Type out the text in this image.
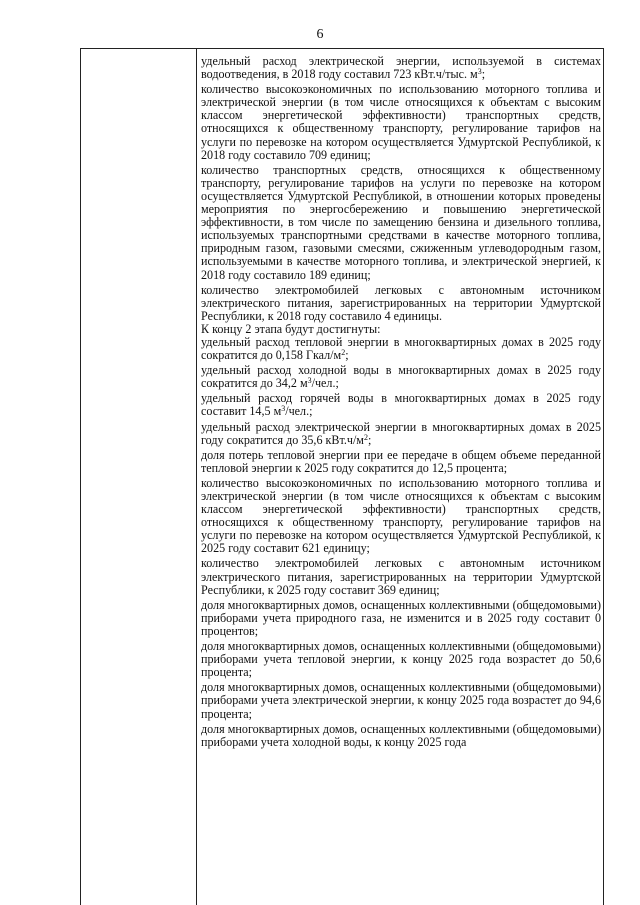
6

удельный расход электрической энергии, используемой в системах водоотведения, в 2018 году составил 723 кВт.ч/тыс. $м^3$;

количество высокоэкономичных по использованию моторного топлива и электрической энергии (в том числе относящихся к объектам с высоким классом энергетической эффективности) транспортных средств, относящихся к общественному транспорту, регулирование тарифов на услуги по перевозке на котором осуществляется Удмуртской Республикой, к 2018 году составило 709 единиц;

количество транспортных средств, относящихся к общественному транспорту, регулирование тарифов на услуги по перевозке на котором осуществляется Удмуртской Республикой, в отношении которых проведены мероприятия по энергосбережению и повышению энергетической эффективности, в том числе по замещению бензина и дизельного топлива, используемых транспортными средствами в качестве моторного топлива, природным газом, газовыми смесями, сжиженным углеводородным газом, используемыми в качестве моторного топлива, и электрической энергией, к 2018 году составило 189 единиц;

количество электромобилей легковых с автономным источником электрического питания, зарегистрированных на территории Удмуртской Республики, к 2018 году составило 4 единицы.

К концу 2 этапа будут достигнуты:

удельный расход тепловой энергии в многоквартирных домах в 2025 году сократится до 0,158 Гкал/$м^2$;

удельный расход холодной воды в многоквартирных домах в 2025 году сократится до 34,2 $м^3$/чел.;

удельный расход горячей воды в многоквартирных домах в 2025 году составит 14,5 $м^3$/чел.;

удельный расход электрической энергии в многоквартирных домах в 2025 году сократится до 35,6 $кВт.ч/м^2$;

доля потерь тепловой энергии при ее передаче в общем объеме переданной тепловой энергии к 2025 году сократится до 12,5 процента;

количество высокоэкономичных по использованию моторного топлива и электрической энергии (в том числе относящихся к объектам с высоким классом энергетической эффективности) транспортных средств, относящихся к общественному транспорту, регулирование тарифов на услуги по перевозке на котором осуществляется Удмуртской Республикой, к 2025 году составит 621 единицу;

количество электромобилей легковых с автономным источником электрического питания, зарегистрированных на территории Удмуртской Республики, к 2025 году составит 369 единиц;

доля многоквартирных домов, оснащенных коллективными (общедомовыми) приборами учета природного газа, не изменится и в 2025 году составит 0 процентов;

доля многоквартирных домов, оснащенных коллективными (общедомовыми) приборами учета тепловой энергии, к концу 2025 года возрастет до 50,6 процента;

доля многоквартирных домов, оснащенных коллективными (общедомовыми) приборами учета электрической энергии, к концу 2025 года возрастет до 94,6 процента;

доля многоквартирных домов, оснащенных коллективными (общедомовыми) приборами учета холодной воды, к концу 2025 года
